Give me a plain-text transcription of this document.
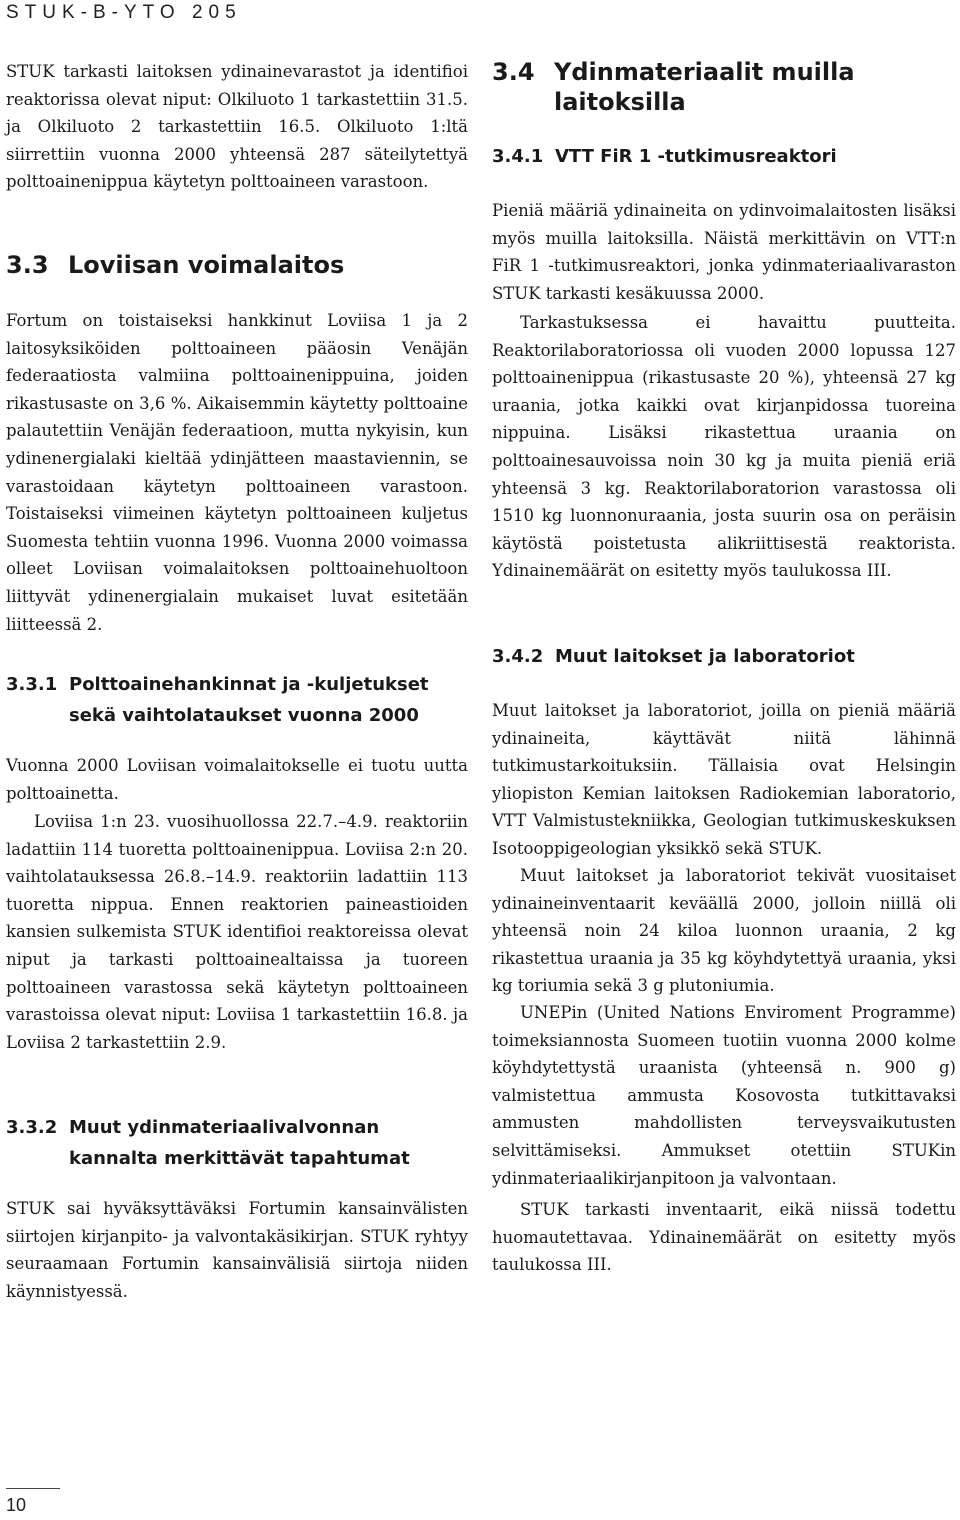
STUK-B-YTO 205

STUK tarkasti laitoksen ydinainevarastot ja identifioi reaktorissa olevat niput: Olkiluoto 1 tarkastettiin 31.5. ja Olkiluoto 2 tarkastettiin 16.5. Olkiluoto 1:ltä siirrettiin vuonna 2000 yhteensä 287 säteilytettyä polttoainenippua käytetyn polttoaineen varastoon.

3.3 Loviisan voimalaitos

Fortum on toistaiseksi hankkinut Loviisa 1 ja 2 laitosyksiköiden polttoaineen pääosin Venäjän federaatiosta valmiina polttoainenippuina, joiden rikastusaste on 3,6 %. Aikaisemmin käytetty polttoaine palautettiin Venäjän federaatioon, mutta nykyisin, kun ydinenergialaki kieltää ydinjätteen maastaviennin, se varastoidaan käytetyn polttoaineen varastoon. Toistaiseksi viimeinen käytetyn polttoaineen kuljetus Suomesta tehtiin vuonna 1996. Vuonna 2000 voimassa olleet Loviisan voimalaitoksen polttoainehuoltoon liittyvät ydinenergialain mukaiset luvat esitetään liitteessä 2.

3.3.1 Polttoainehankinnat ja -kuljetukset sekä vaihtolataukset vuonna 2000

Vuonna 2000 Loviisan voimalaitokselle ei tuotu uutta polttoainetta.

Loviisa 1:n 23. vuosihuollossa 22.7.–4.9. reaktoriin ladattiin 114 tuoretta polttoainenippua. Loviisa 2:n 20. vaihtolatauksessa 26.8.–14.9. reaktoriin ladattiin 113 tuoretta nippua. Ennen reaktorien paineastioiden kansien sulkemista STUK identifioi reaktoreissa olevat niput ja tarkasti polttoainealtaissa ja tuoreen polttoaineen varastossa sekä käytetyn polttoaineen varastoissa olevat niput: Loviisa 1 tarkastettiin 16.8. ja Loviisa 2 tarkastettiin 2.9.

3.3.2 Muut ydinmateriaalivalvonnan kannalta merkittävät tapahtumat

STUK sai hyväksyttäväksi Fortumin kansainvälisten siirtojen kirjanpito- ja valvontakäsikirjan. STUK ryhtyy seuraamaan Fortumin kansainvälisiä siirtoja niiden käynnistyessä.

3.4 Ydinmateriaalit muilla laitoksilla
3.4.1 VTT FiR 1 -tutkimusreaktori

Pieniä määriä ydinaineita on ydinvoimalaitosten lisäksi myös muilla laitoksilla. Näistä merkittävin on VTT:n FiR 1 -tutkimusreaktori, jonka ydinmateriaalivaraston STUK tarkasti kesäkuussa 2000.

Tarkastuksessa ei havaittu puutteita. Reaktorilaboratoriossa oli vuoden 2000 lopussa 127 polttoainenippua (rikastusaste 20 %), yhteensä 27 kg uraania, jotka kaikki ovat kirjanpidossa tuoreina nippuina. Lisäksi rikastettua uraania on polttoainesauvoissa noin 30 kg ja muita pieniä eriä yhteensä 3 kg. Reaktorilaboratorion varastossa oli 1510 kg luonnonuraania, josta suurin osa on peräisin käytöstä poistetusta alikriittisestä reaktorista. Ydinainemäärät on esitetty myös taulukossa III.

3.4.2 Muut laitokset ja laboratoriot

Muut laitokset ja laboratoriot, joilla on pieniä määriä ydinaineita, käyttävät niitä lähinnä tutkimustarkoituksiin. Tällaisia ovat Helsingin yliopiston Kemian laitoksen Radiokemian laboratorio, VTT Valmistustekniikka, Geologian tutkimuskeskuksen Isotooppigeologian yksikkö sekä STUK.

Muut laitokset ja laboratoriot tekivät vuositaiset ydinaineinventaarit keväällä 2000, jolloin niillä oli yhteensä noin 24 kiloa luonnon uraania, 2 kg rikastettua uraania ja 35 kg köyhdytettyä uraania, yksi kg toriumia sekä 3 g plutoniumia.

UNEPin (United Nations Enviroment Programme) toimeksiannosta Suomeen tuotiin vuonna 2000 kolme köyhdytettystä uraanista (yhteensä n. 900 g) valmistettua ammusta Kosovosta tutkittavaksi ammusten mahdollisten terveysvaikutusten selvittämiseksi. Ammukset otettiin STUKin ydinmateriaalikirjanpitoon ja valvontaan.

STUK tarkasti inventaarit, eikä niissä todettu huomautettavaa. Ydinainemäärät on esitetty myös taulukossa III.

10
